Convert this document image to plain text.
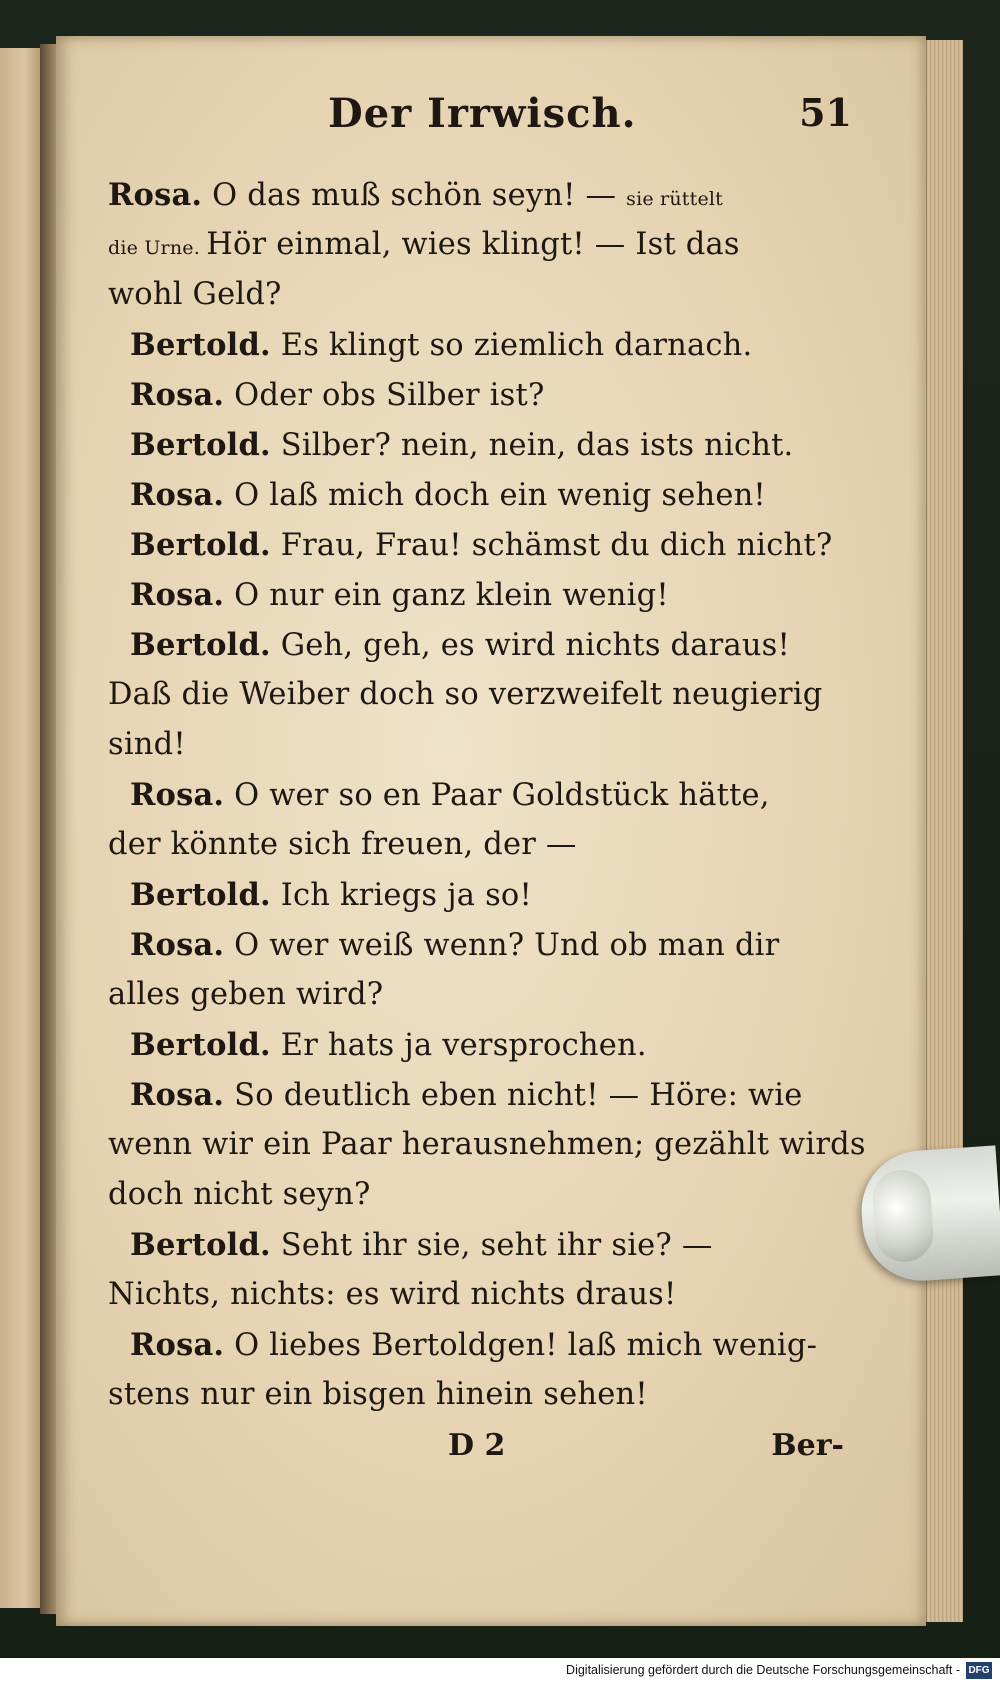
Der Irrwisch.	51
Rosa. O das muß schön seyn! — sie rüttelt
die Urne. Hör einmal, wies klingt! — Ist das
wohl Geld?
Bertold. Es klingt so ziemlich darnach.
Rosa. Oder obs Silber ist?
Bertold. Silber? nein, nein, das ists nicht.
Rosa. O laß mich doch ein wenig sehen!
Bertold. Frau, Frau! schämst du dich nicht?
Rosa. O nur ein ganz klein wenig!
Bertold. Geh, geh, es wird nichts daraus!
Daß die Weiber doch so verzweifelt neugierig
sind!
Rosa. O wer so en Paar Goldstück hätte,
der könnte sich freuen, der —
Bertold. Ich kriegs ja so!
Rosa. O wer weiß wenn? Und ob man dir
alles geben wird?
Bertold. Er hats ja versprochen.
Rosa. So deutlich eben nicht! — Höre: wie
wenn wir ein Paar herausnehmen; gezählt wirds
doch nicht seyn?
Bertold. Seht ihr sie, seht ihr sie? —
Nichts, nichts: es wird nichts draus!
Rosa. O liebes Bertoldgen! laß mich wenig-
stens nur ein bisgen hinein sehen!
D 2	Ber-
Digitalisierung gefördert durch die Deutsche Forschungsgemeinschaft - DFG
